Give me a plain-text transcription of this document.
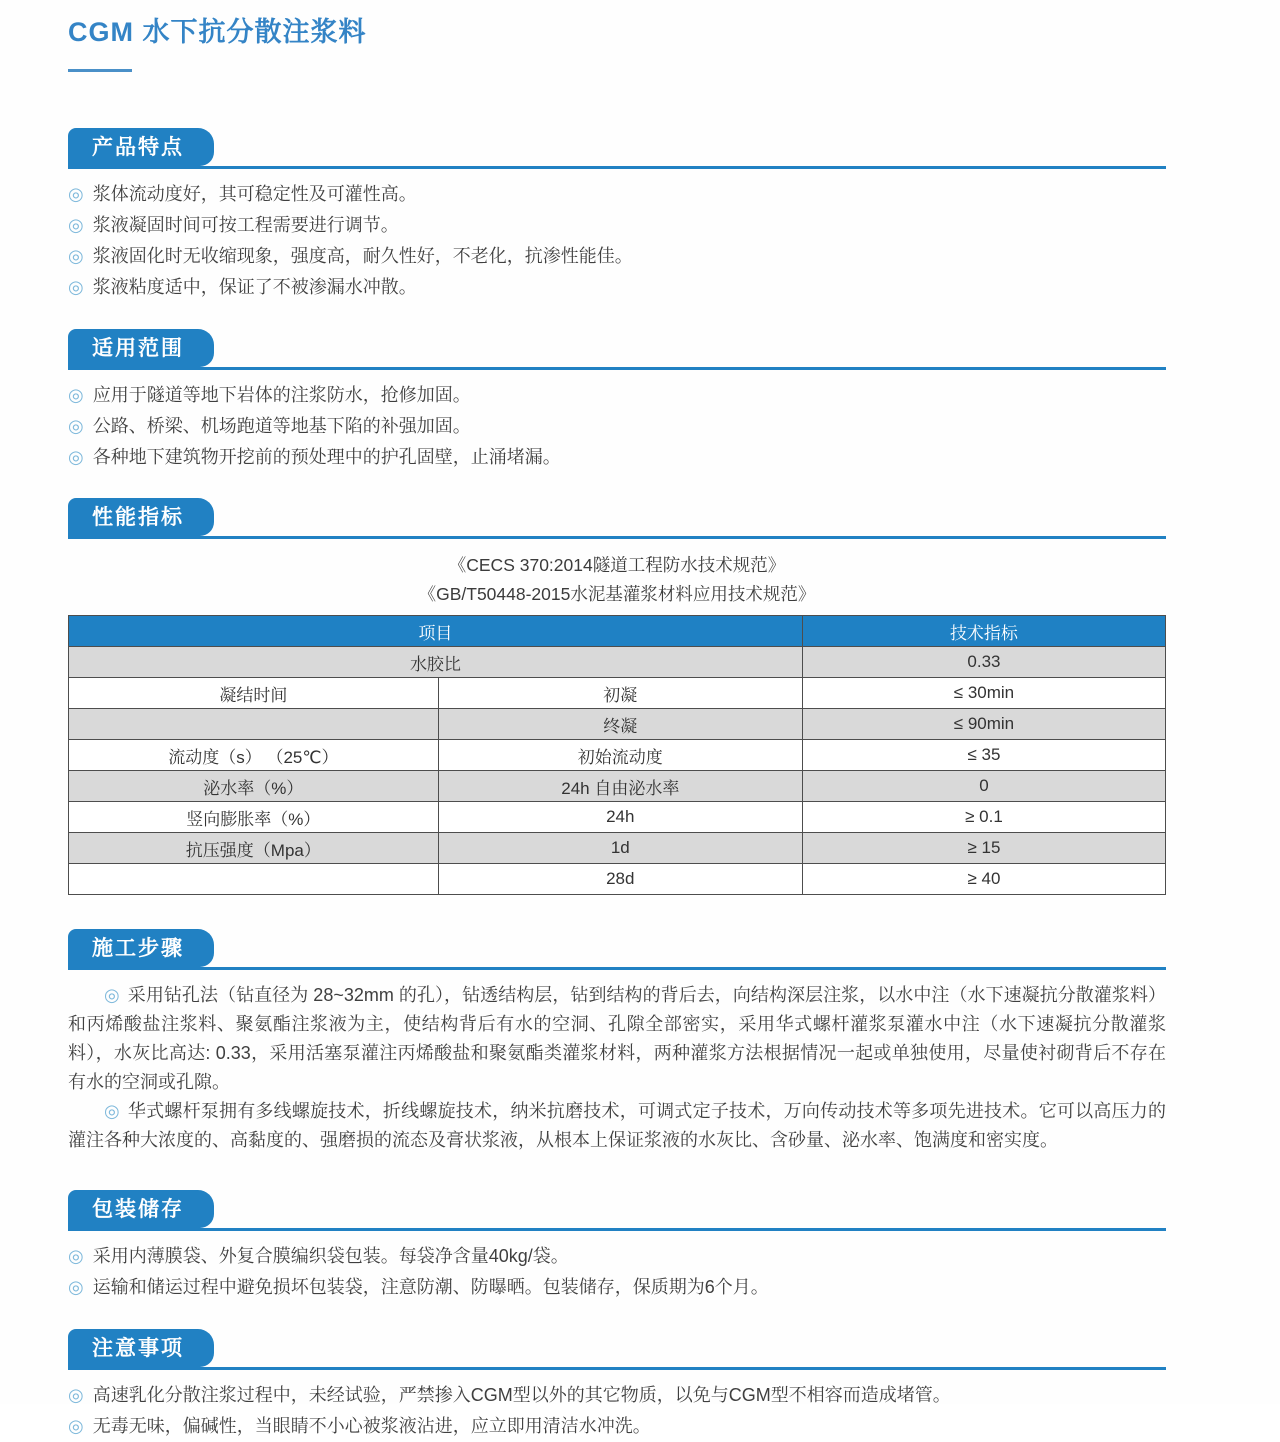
CGM 水下抗分散注浆料
产品特点
◎ 浆体流动度好，其可稳定性及可灌性高。
◎ 浆液凝固时间可按工程需要进行调节。
◎ 浆液固化时无收缩现象，强度高，耐久性好，不老化，抗渗性能佳。
◎ 浆液粘度适中，保证了不被渗漏水冲散。
适用范围
◎ 应用于隧道等地下岩体的注浆防水，抢修加固。
◎ 公路、桥梁、机场跑道等地基下陷的补强加固。
◎ 各种地下建筑物开挖前的预处理中的护孔固壁，止涌堵漏。
性能指标
《CECS 370:2014隧道工程防水技术规范》
《GB/T50448-2015水泥基灌浆材料应用技术规范》
项目		技术指标
水胶比		0.33
凝结时间	初凝	≤ 30min
	终凝	≤ 90min
流动度（s） （25℃）	初始流动度	≤ 35
泌水率（%）	24h 自由泌水率	0
竖向膨胀率（%）	24h	≥ 0.1
抗压强度（Mpa）	1d	≥ 15
	28d	≥ 40
施工步骤

◎ 采用钻孔法（钻直径为 28~32mm 的孔），钻透结构层，钻到结构的背后去，向结构深层注浆，以水中注（水下速凝抗分散灌浆料）和丙烯酸盐注浆料、聚氨酯注浆液为主，使结构背后有水的空洞、孔隙全部密实，采用华式螺杆灌浆泵灌水中注（水下速凝抗分散灌浆料），水灰比高达: 0.33，采用活塞泵灌注丙烯酸盐和聚氨酯类灌浆材料，两种灌浆方法根据情况一起或单独使用，尽量使衬砌背后不存在有水的空洞或孔隙。

◎ 华式螺杆泵拥有多线螺旋技术，折线螺旋技术，纳米抗磨技术，可调式定子技术，万向传动技术等多项先进技术。它可以高压力的灌注各种大浓度的、高黏度的、强磨损的流态及膏状浆液，从根本上保证浆液的水灰比、含砂量、泌水率、饱满度和密实度。

包装储存
◎ 采用内薄膜袋、外复合膜编织袋包装。每袋净含量40kg/袋。
◎ 运输和储运过程中避免损坏包装袋，注意防潮、防曝晒。包装储存，保质期为6个月。
注意事项
◎ 高速乳化分散注浆过程中，未经试验，严禁掺入CGM型以外的其它物质，以免与CGM型不相容而造成堵管。
◎ 无毒无味，偏碱性，当眼睛不小心被浆液沾进，应立即用清洁水冲洗。
